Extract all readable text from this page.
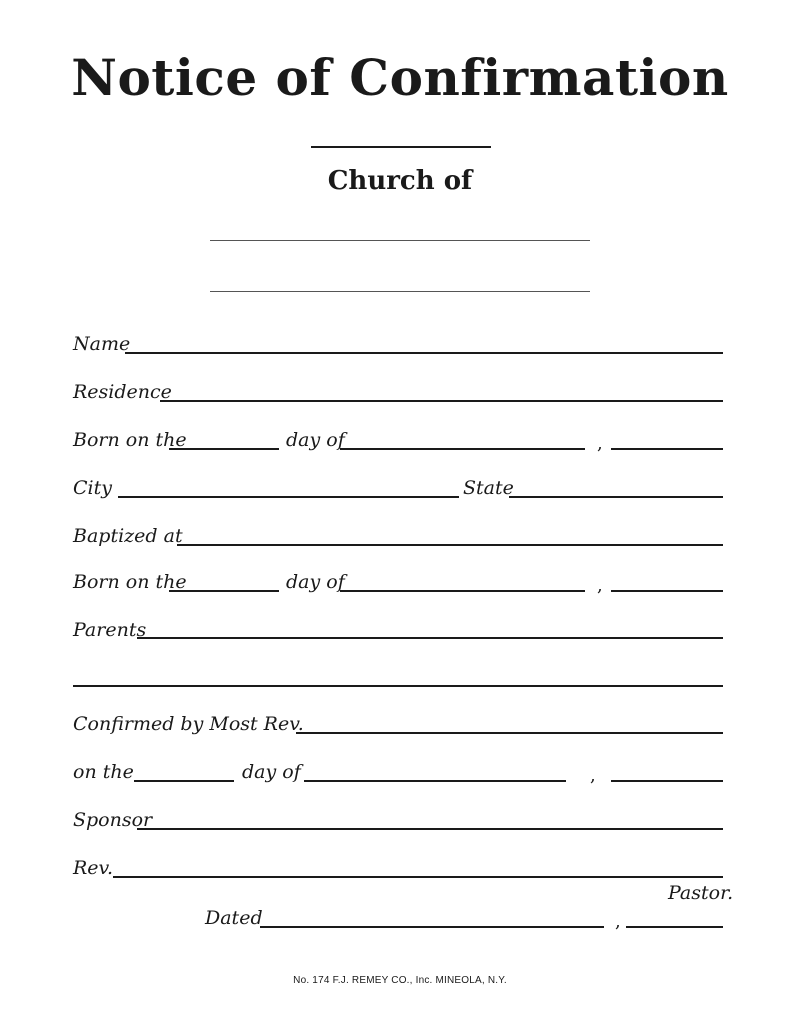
Notice of Confirmation
Church of
Name
Residence
Born on the	day of	,
City	State
Baptized at
Born on the	day of	,
Parents
Confirmed by Most Rev.
on the	day of	,
Sponsor
Rev.
Pastor.
Dated	,
No. 174 F.J. REMEY CO., Inc. MINEOLA, N.Y.
